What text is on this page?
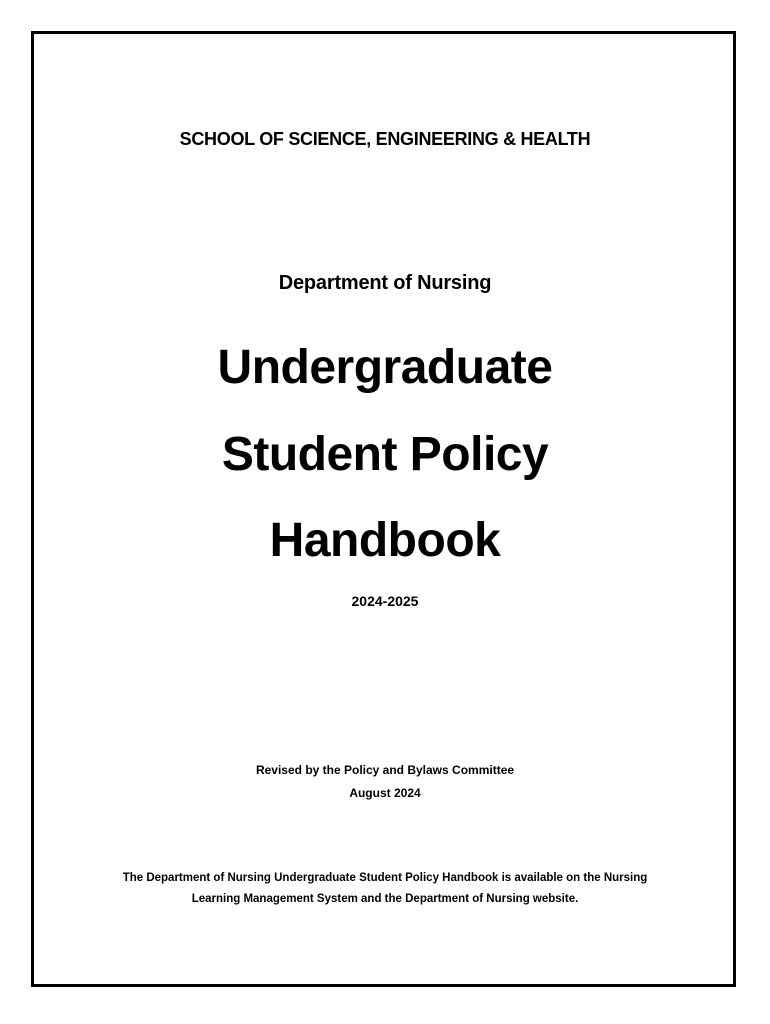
SCHOOL OF SCIENCE, ENGINEERING & HEALTH
Department of Nursing
Undergraduate
Student Policy
Handbook
2024-2025
Revised by the Policy and Bylaws Committee
August 2024
The Department of Nursing Undergraduate Student Policy Handbook is available on the Nursing
Learning Management System and the Department of Nursing website.
